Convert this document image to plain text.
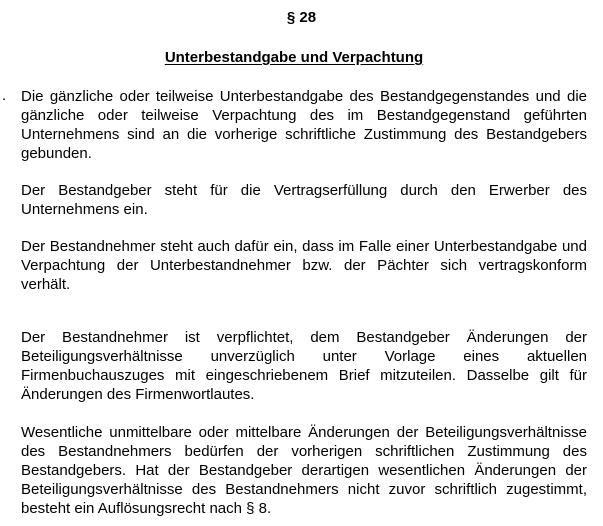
§ 28
Unterbestandgabe und Verpachtung
. Die gänzliche oder teilweise Unterbestandgabe des Bestandgegenstandes und die gänzliche oder teilweise Verpachtung des im Bestandgegenstand geführten Unternehmens sind an die vorherige schriftliche Zustimmung des Bestandgebers gebunden.

Der Bestandgeber steht für die Vertragserfüllung durch den Erwerber des Unternehmens ein.

Der Bestandnehmer steht auch dafür ein, dass im Falle einer Unterbestandgabe und Verpachtung der Unterbestandnehmer bzw. der Pächter sich vertragskonform verhält.

Der Bestandnehmer ist verpflichtet, dem Bestandgeber Änderungen der Beteiligungsverhältnisse unverzüglich unter Vorlage eines aktuellen Firmenbuchauszuges mit eingeschriebenem Brief mitzuteilen. Dasselbe gilt für Änderungen des Firmenwortlautes.

Wesentliche unmittelbare oder mittelbare Änderungen der Beteiligungsverhältnisse des Bestandnehmers bedürfen der vorherigen schriftlichen Zustimmung des Bestandgebers. Hat der Bestandgeber derartigen wesentlichen Änderungen der Beteiligungsverhältnisse des Bestandnehmers nicht zuvor schriftlich zugestimmt, besteht ein Auflösungsrecht nach § 8.
